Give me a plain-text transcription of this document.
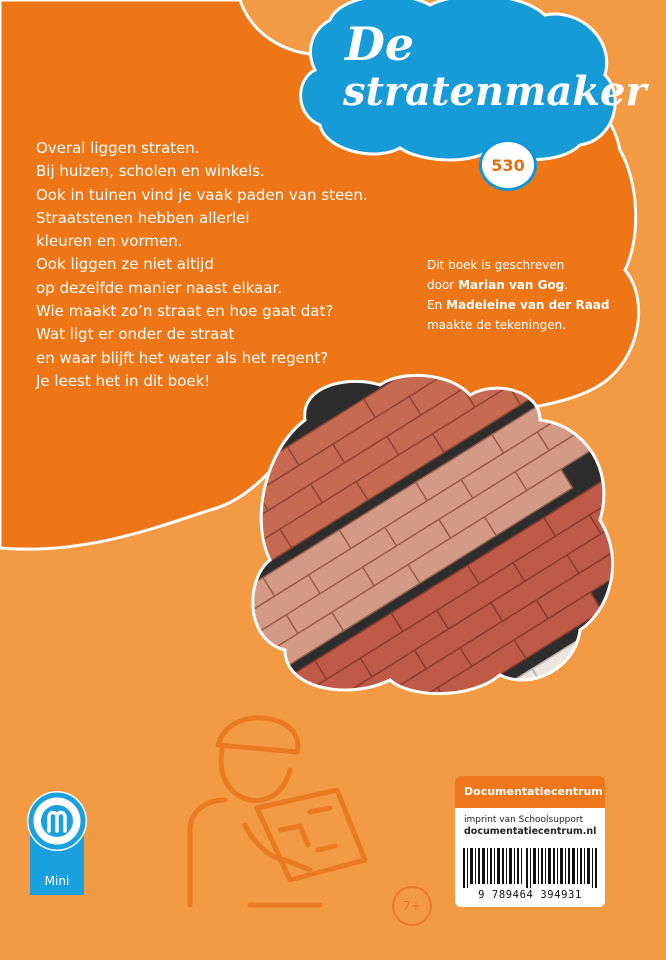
De
stratenmaker
530
Overal liggen straten.
Bij huizen, scholen en winkels.
Ook in tuinen vind je vaak paden van steen.
Straatstenen hebben allerlei
kleuren en vormen.
Ook liggen ze niet altijd
op dezelfde manier naast elkaar.
Wie maakt zo’n straat en hoe gaat dat?
Wat ligt er onder de straat
en waar blijft het water als het regent?
Je leest het in dit boek!
Dit boek is geschreven
door Marian van Gog.
En Madeleine van der Raad
maakte de tekeningen.
Mini
Documentatiecentrum
imprint van Schoolsupport
documentatiecentrum.nl
9 789464 394931
7+
